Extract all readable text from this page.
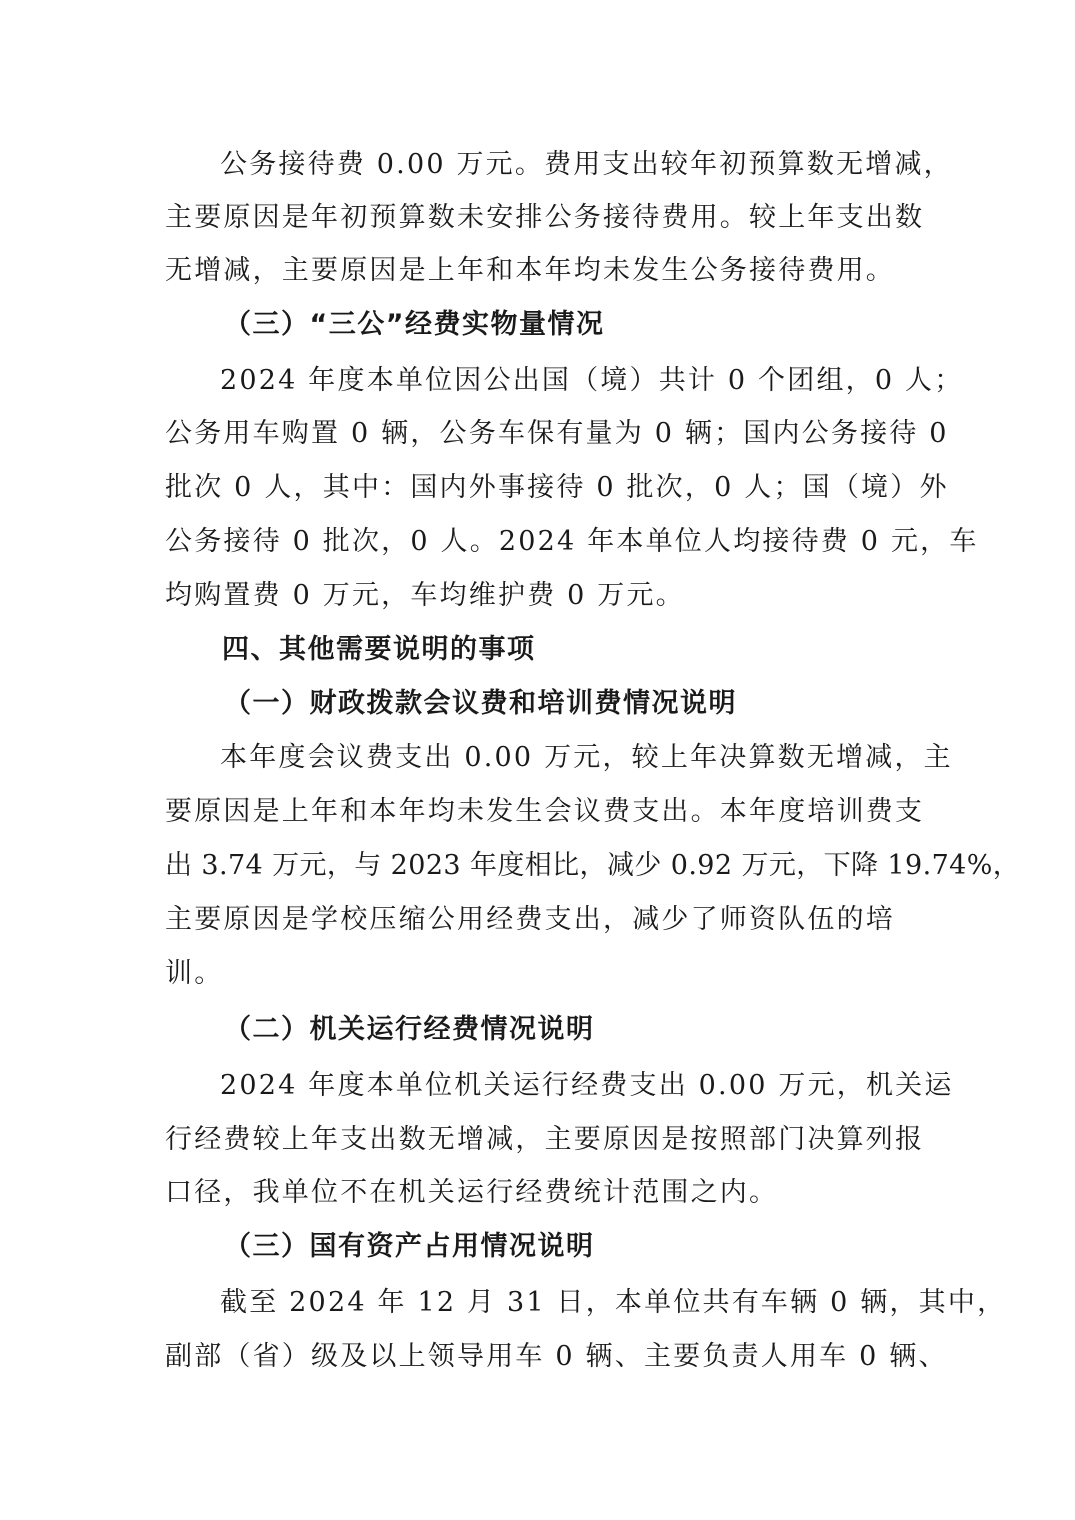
公务接待费 0.00 万元。费用支出较年初预算数无增减，
主要原因是年初预算数未安排公务接待费用。较上年支出数
无增减，主要原因是上年和本年均未发生公务接待费用。
（三）“三公”经费实物量情况
2024 年度本单位因公出国（境）共计 0 个团组，0 人；
公务用车购置 0 辆，公务车保有量为 0 辆；国内公务接待 0
批次 0 人，其中：国内外事接待 0 批次，0 人；国（境）外
公务接待 0 批次，0 人。2024 年本单位人均接待费 0 元，车
均购置费 0 万元，车均维护费 0 万元。
四、其他需要说明的事项
（一）财政拨款会议费和培训费情况说明
本年度会议费支出 0.00 万元，较上年决算数无增减，主
要原因是上年和本年均未发生会议费支出。本年度培训费支
出 3.74 万元，与 2023 年度相比，减少 0.92 万元，下降 19.74%，
主要原因是学校压缩公用经费支出，减少了师资队伍的培
训。
（二）机关运行经费情况说明
2024 年度本单位机关运行经费支出 0.00 万元，机关运
行经费较上年支出数无增减，主要原因是按照部门决算列报
口径，我单位不在机关运行经费统计范围之内。
（三）国有资产占用情况说明
截至 2024 年 12 月 31 日，本单位共有车辆 0 辆，其中，
副部（省）级及以上领导用车 0 辆、主要负责人用车 0 辆、
